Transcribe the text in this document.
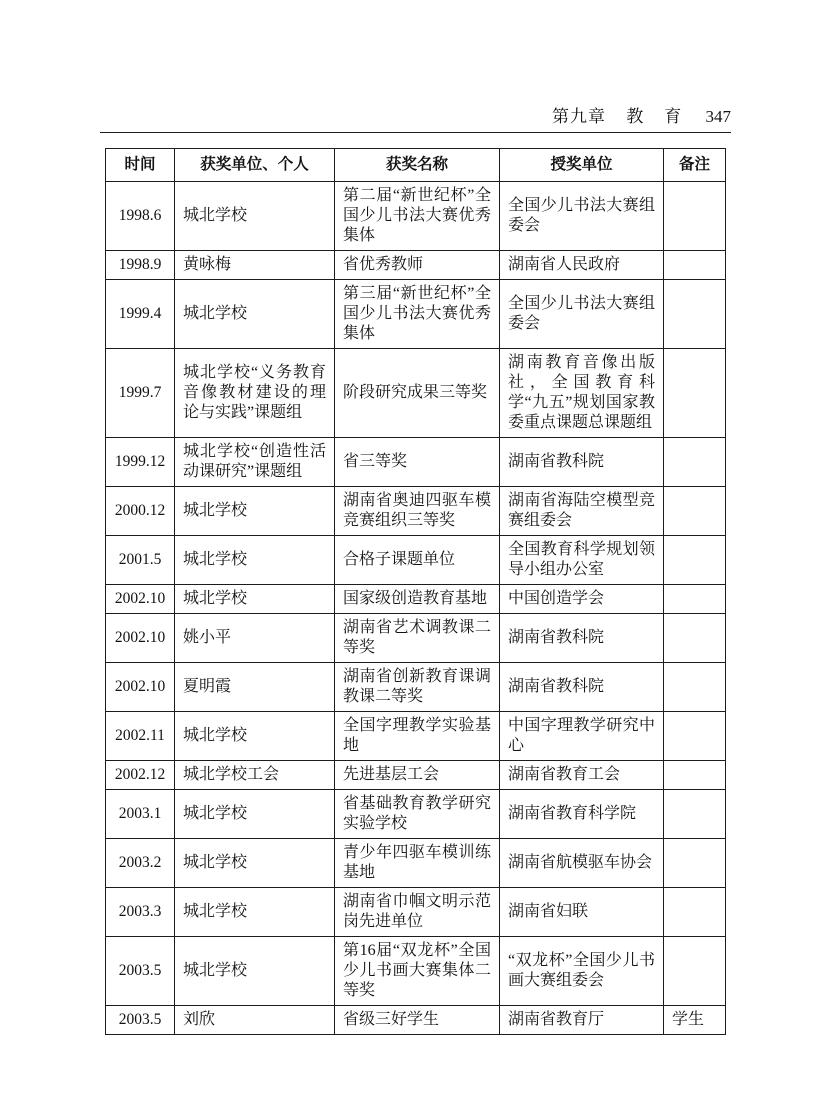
第九章 教　育 347
时间	获奖单位、个人	获奖名称	授奖单位	备注
1998.6	城北学校	第二届“新世纪杯”全国少儿书法大赛优秀集体	全国少儿书法大赛组委会	
1998.9	黄咏梅	省优秀教师	湖南省人民政府	
1999.4	城北学校	第三届“新世纪杯”全国少儿书法大赛优秀集体	全国少儿书法大赛组委会	
1999.7	城北学校“义务教育音像教材建设的理论与实践”课题组	阶段研究成果三等奖	湖南教育音像出版社，全国教育科学“九五”规划国家教委重点课题总课题组	
1999.12	城北学校“创造性活动课研究”课题组	省三等奖	湖南省教科院	
2000.12	城北学校	湖南省奥迪四驱车模竞赛组织三等奖	湖南省海陆空模型竞赛组委会	
2001.5	城北学校	合格子课题单位	全国教育科学规划领导小组办公室	
2002.10	城北学校	国家级创造教育基地	中国创造学会	
2002.10	姚小平	湖南省艺术调教课二等奖	湖南省教科院	
2002.10	夏明霞	湖南省创新教育课调教课二等奖	湖南省教科院	
2002.11	城北学校	全国字理教学实验基地	中国字理教学研究中心	
2002.12	城北学校工会	先进基层工会	湖南省教育工会	
2003.1	城北学校	省基础教育教学研究实验学校	湖南省教育科学院	
2003.2	城北学校	青少年四驱车模训练基地	湖南省航模驱车协会	
2003.3	城北学校	湖南省巾帼文明示范岗先进单位	湖南省妇联	
2003.5	城北学校	第16届“双龙杯”全国少儿书画大赛集体二等奖	“双龙杯”全国少儿书画大赛组委会	
2003.5	刘欣	省级三好学生	湖南省教育厅	学生
